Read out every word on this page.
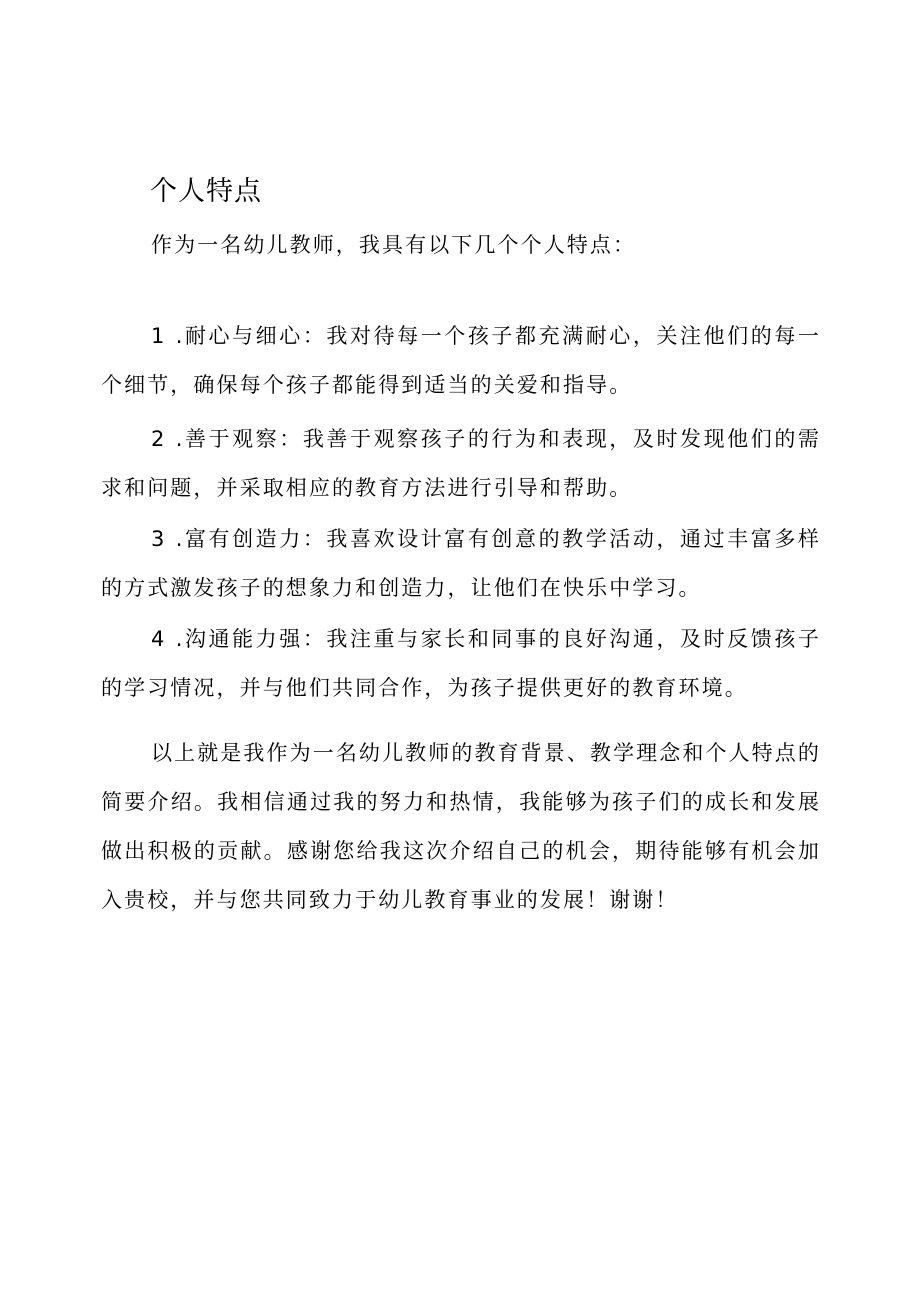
个人特点

作为一名幼儿教师，我具有以下几个个人特点：

1 .耐心与细心：我对待每一个孩子都充满耐心，关注他们的每一个细节，确保每个孩子都能得到适当的关爱和指导。

2 .善于观察：我善于观察孩子的行为和表现，及时发现他们的需求和问题，并采取相应的教育方法进行引导和帮助。

3 .富有创造力：我喜欢设计富有创意的教学活动，通过丰富多样的方式激发孩子的想象力和创造力，让他们在快乐中学习。

4 .沟通能力强：我注重与家长和同事的良好沟通，及时反馈孩子的学习情况，并与他们共同合作，为孩子提供更好的教育环境。

以上就是我作为一名幼儿教师的教育背景、教学理念和个人特点的简要介绍。我相信通过我的努力和热情，我能够为孩子们的成长和发展做出积极的贡献。感谢您给我这次介绍自己的机会，期待能够有机会加入贵校，并与您共同致力于幼儿教育事业的发展！谢谢！
